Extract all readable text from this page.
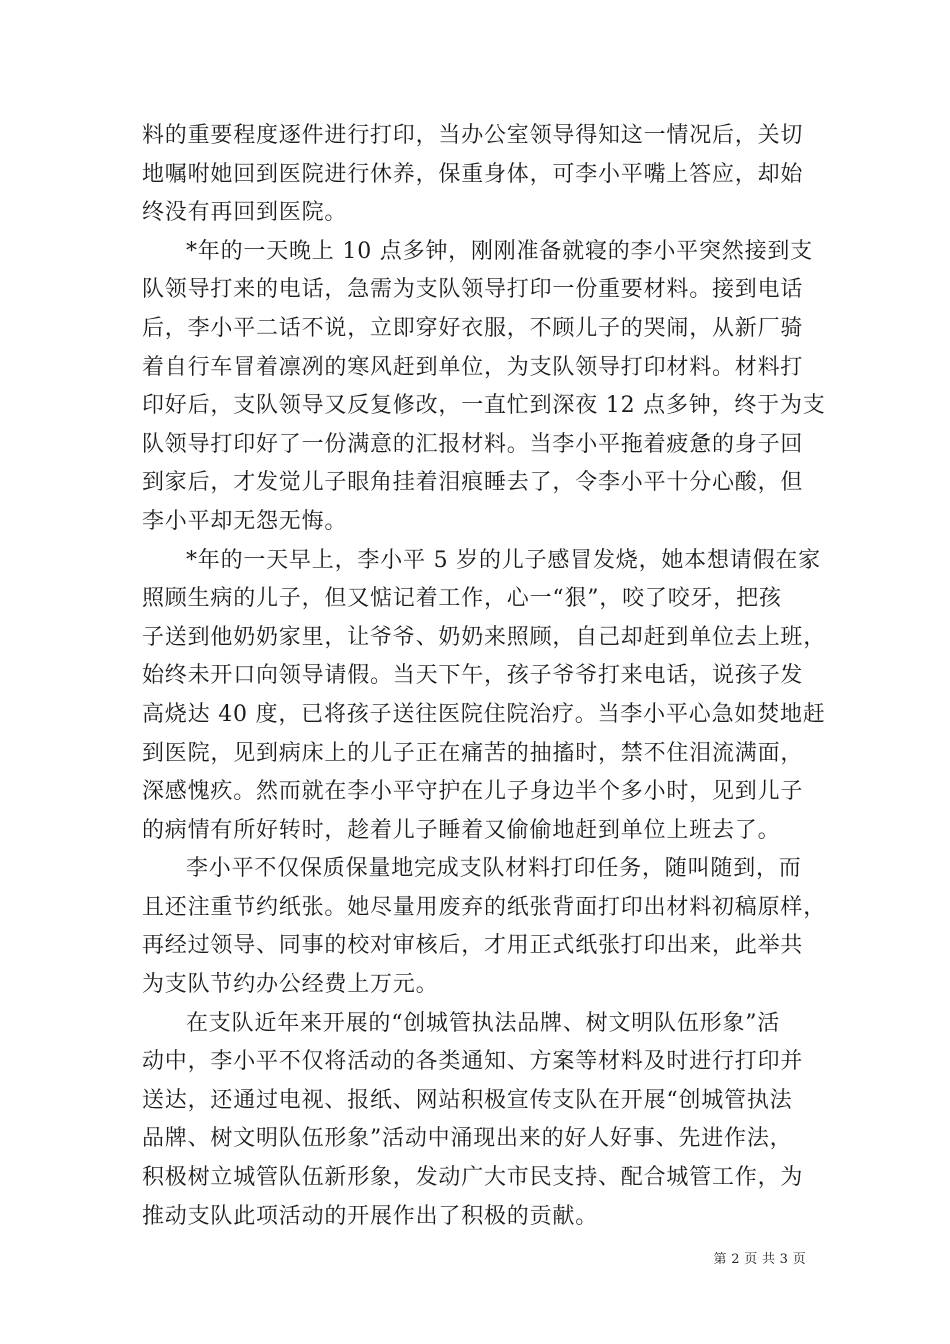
料的重要程度逐件进行打印，当办公室领导得知这一情况后，关切
地嘱咐她回到医院进行休养，保重身体，可李小平嘴上答应，却始
终没有再回到医院。
*年的一天晚上 10 点多钟，刚刚准备就寝的李小平突然接到支
队领导打来的电话，急需为支队领导打印一份重要材料。接到电话
后，李小平二话不说，立即穿好衣服，不顾儿子的哭闹，从新厂骑
着自行车冒着凛冽的寒风赶到单位，为支队领导打印材料。材料打
印好后，支队领导又反复修改，一直忙到深夜 12 点多钟，终于为支
队领导打印好了一份满意的汇报材料。当李小平拖着疲惫的身子回
到家后，才发觉儿子眼角挂着泪痕睡去了，令李小平十分心酸，但
李小平却无怨无悔。
*年的一天早上，李小平 5 岁的儿子感冒发烧，她本想请假在家
照顾生病的儿子，但又惦记着工作，心一“狠”，咬了咬牙，把孩
子送到他奶奶家里，让爷爷、奶奶来照顾，自己却赶到单位去上班，
始终未开口向领导请假。当天下午，孩子爷爷打来电话，说孩子发
高烧达 40 度，已将孩子送往医院住院治疗。当李小平心急如焚地赶
到医院，见到病床上的儿子正在痛苦的抽搐时，禁不住泪流满面，
深感愧疚。然而就在李小平守护在儿子身边半个多小时，见到儿子
的病情有所好转时，趁着儿子睡着又偷偷地赶到单位上班去了。
李小平不仅保质保量地完成支队材料打印任务，随叫随到，而
且还注重节约纸张。她尽量用废弃的纸张背面打印出材料初稿原样，
再经过领导、同事的校对审核后，才用正式纸张打印出来，此举共
为支队节约办公经费上万元。
在支队近年来开展的“创城管执法品牌、树文明队伍形象”活
动中，李小平不仅将活动的各类通知、方案等材料及时进行打印并
送达，还通过电视、报纸、网站积极宣传支队在开展“创城管执法
品牌、树文明队伍形象”活动中涌现出来的好人好事、先进作法，
积极树立城管队伍新形象，发动广大市民支持、配合城管工作，为
推动支队此项活动的开展作出了积极的贡献。
第 2 页 共 3 页
